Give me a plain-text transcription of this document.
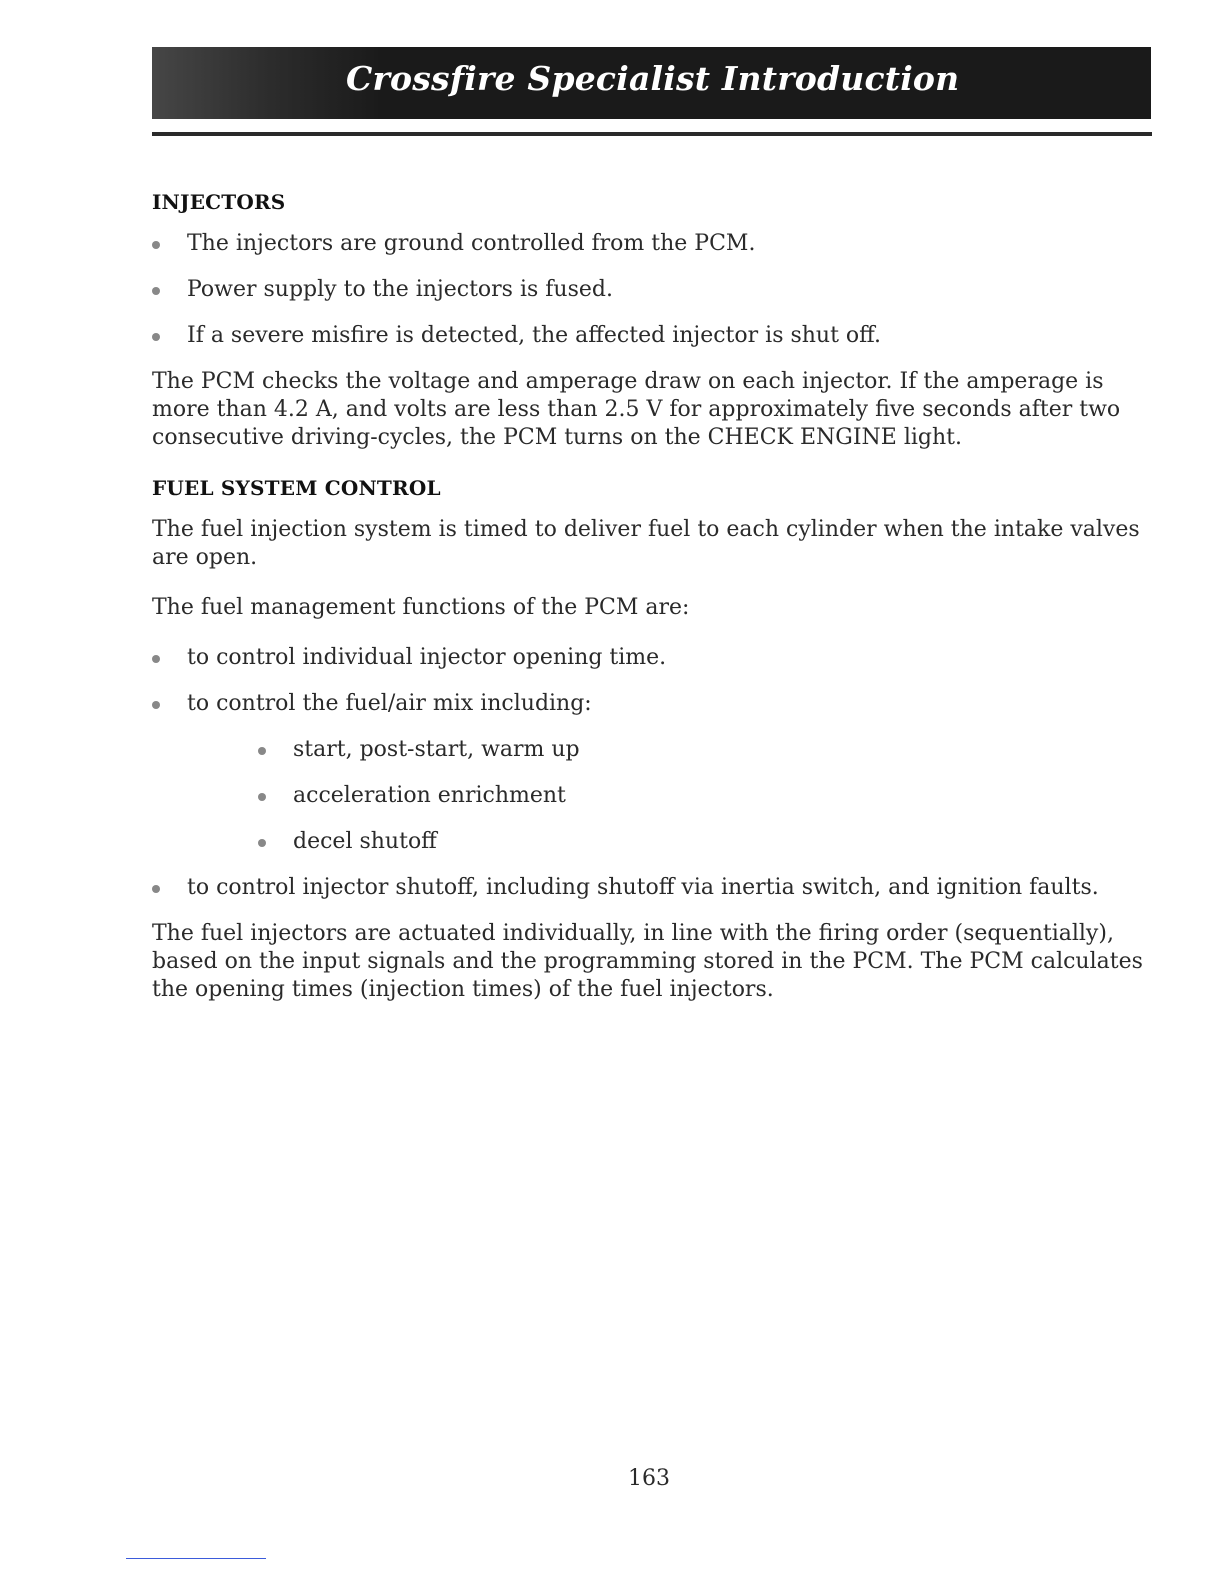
Crossfire Specialist Introduction
INJECTORS
The injectors are ground controlled from the PCM.
Power supply to the injectors is fused.
If a severe misfire is detected, the affected injector is shut off.

The PCM checks the voltage and amperage draw on each injector. If the amperage is more than 4.2 A, and volts are less than 2.5 V for approximately five seconds after two consecutive driving-cycles, the PCM turns on the CHECK ENGINE light.

FUEL SYSTEM CONTROL

The fuel injection system is timed to deliver fuel to each cylinder when the intake valves are open.

The fuel management functions of the PCM are:

to control individual injector opening time.
to control the fuel/air mix including:
start, post-start, warm up
acceleration enrichment
decel shutoff
to control injector shutoff, including shutoff via inertia switch, and ignition faults.

The fuel injectors are actuated individually, in line with the firing order (sequentially), based on the input signals and the programming stored in the PCM. The PCM calculates the opening times (injection times) of the fuel injectors.

163
